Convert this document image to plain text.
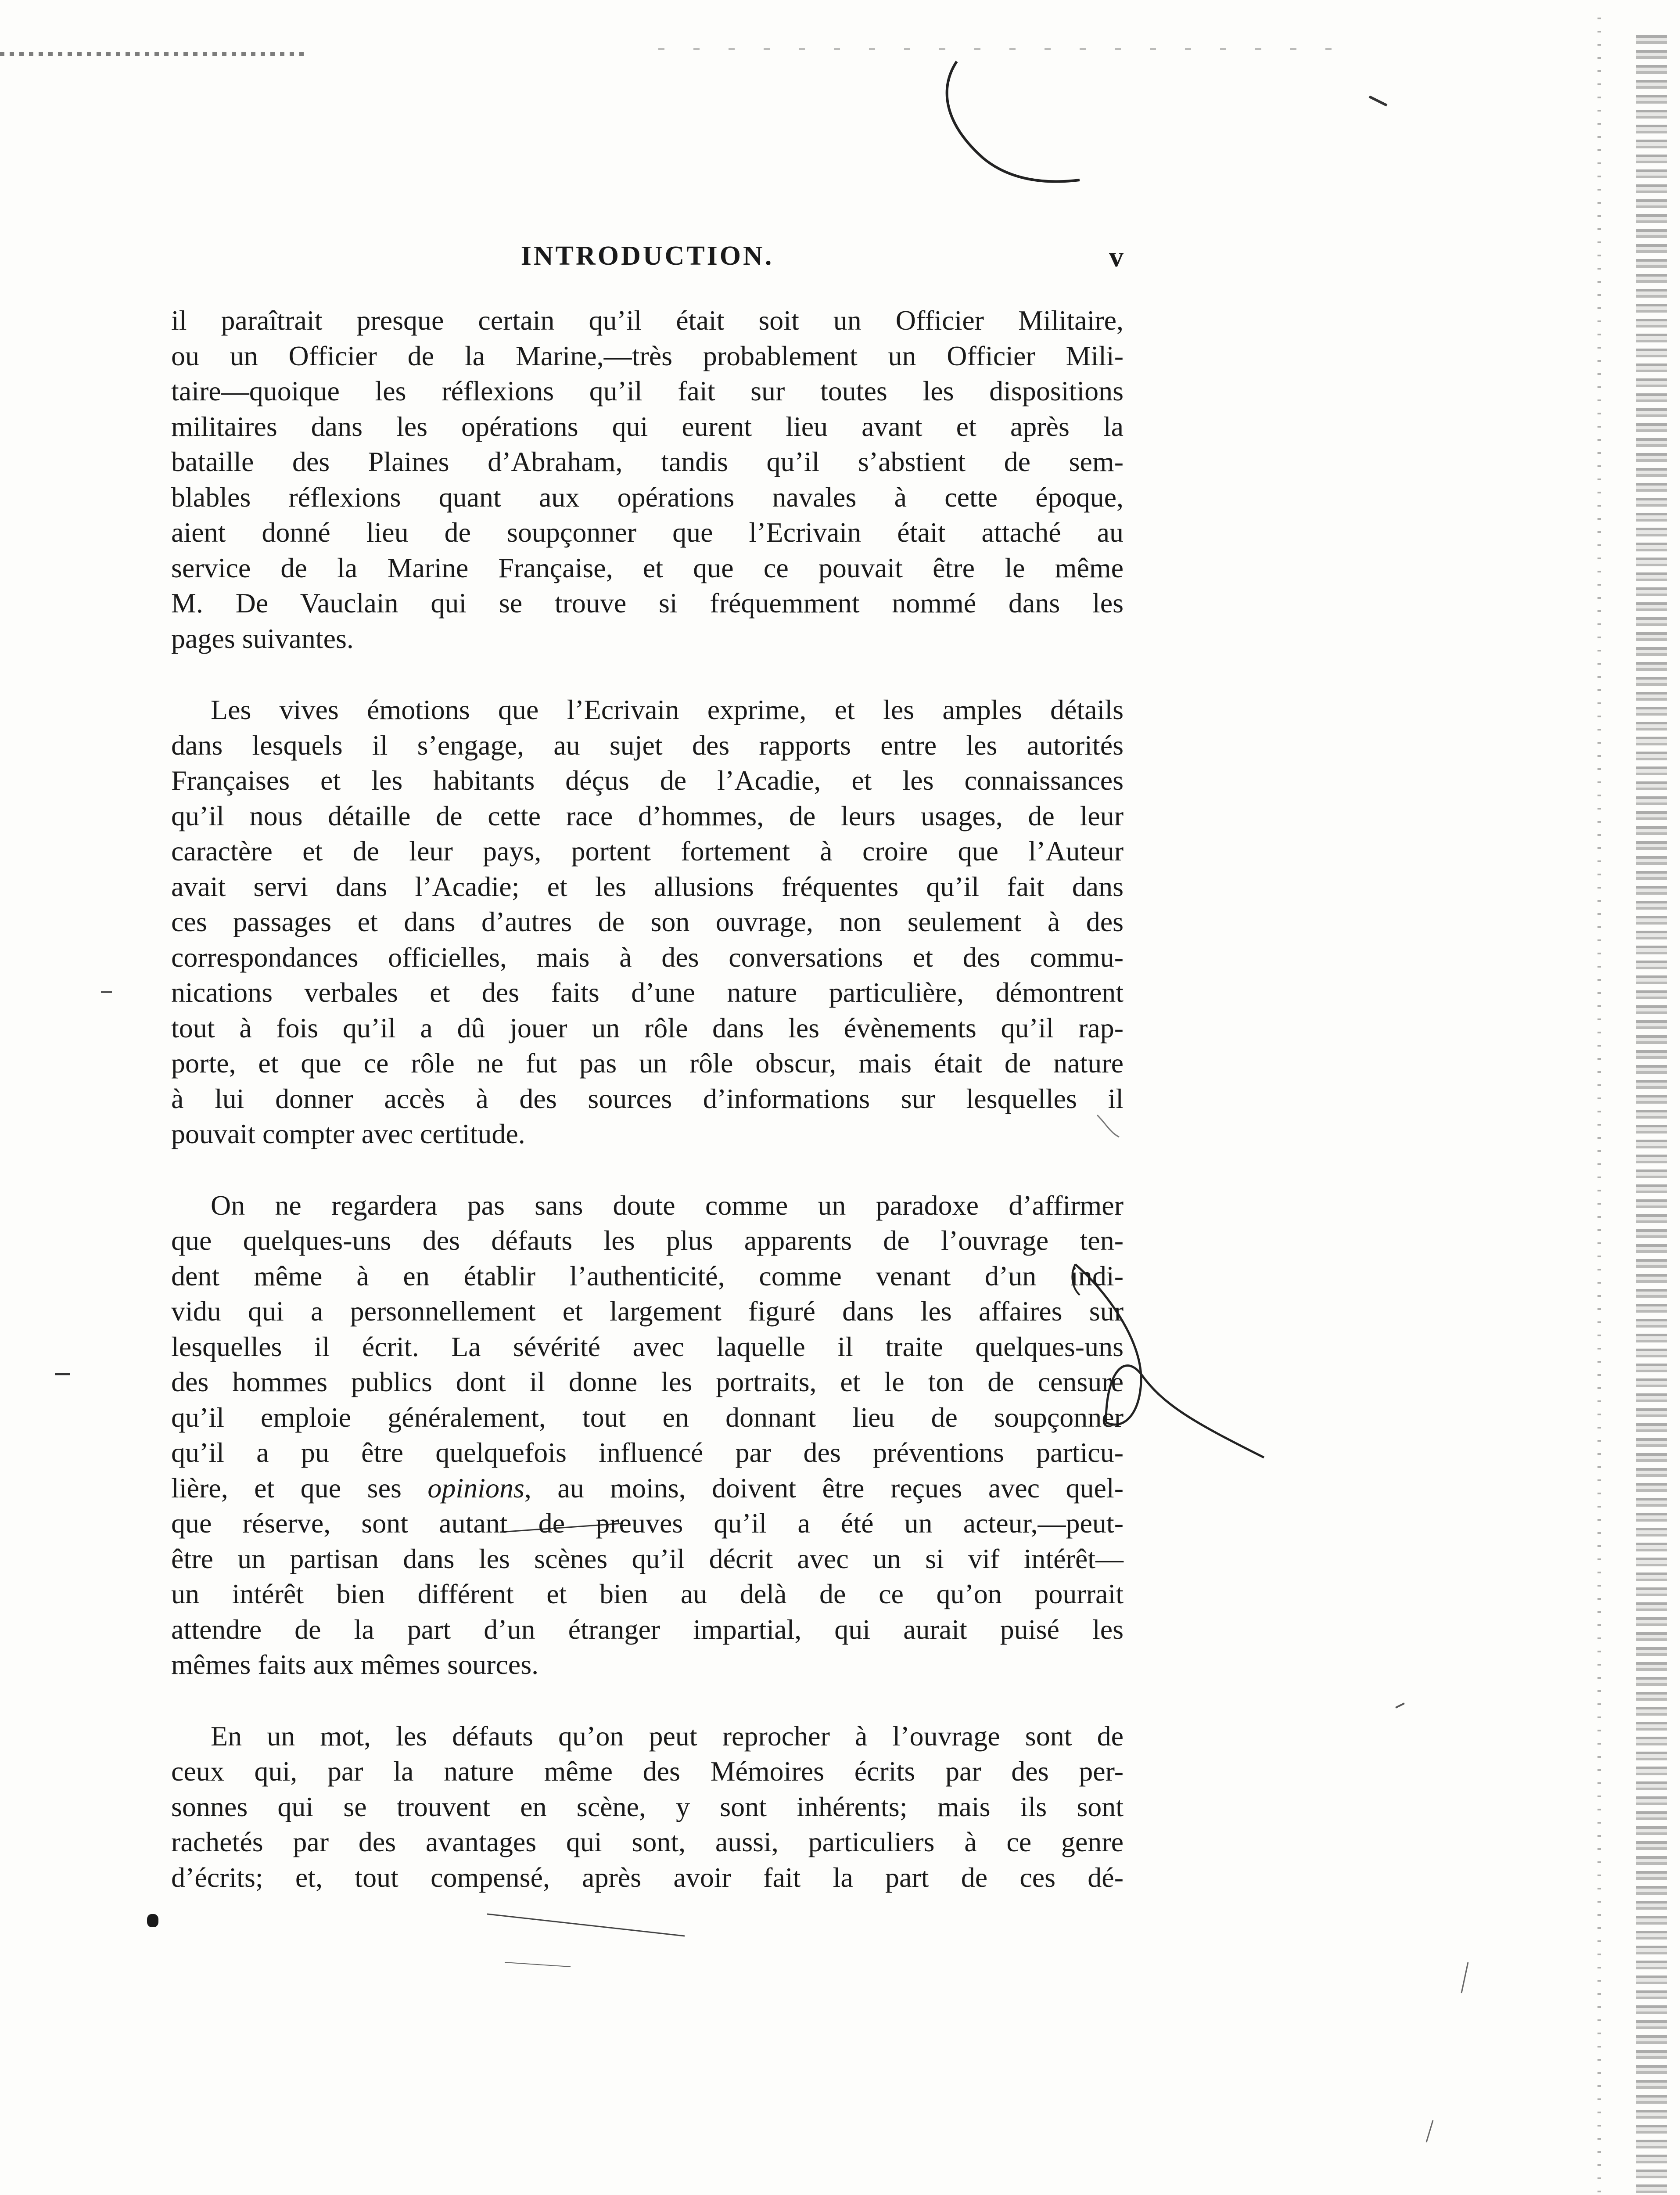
INTRODUCTION.	v

il paraîtrait presque certain qu’il était soit un Officier Militaire,
ou un Officier de la Marine,—très probablement un Officier Mili-
taire—quoique les réflexions qu’il fait sur toutes les dispositions
militaires dans les opérations qui eurent lieu avant et après la
bataille des Plaines d’Abraham, tandis qu’il s’abstient de sem-
blables réflexions quant aux opérations navales à cette époque,
aient donné lieu de soupçonner que l’Ecrivain était attaché au
service de la Marine Française, et que ce pouvait être le même
M. De Vauclain qui se trouve si fréquemment nommé dans les
pages suivantes.

Les vives émotions que l’Ecrivain exprime, et les amples détails
dans lesquels il s’engage, au sujet des rapports entre les autorités
Françaises et les habitants déçus de l’Acadie, et les connaissances
qu’il nous détaille de cette race d’hommes, de leurs usages, de leur
caractère et de leur pays, portent fortement à croire que l’Auteur
avait servi dans l’Acadie; et les allusions fréquentes qu’il fait dans
ces passages et dans d’autres de son ouvrage, non seulement à des
correspondances officielles, mais à des conversations et des commu-
nications verbales et des faits d’une nature particulière, démontrent
tout à fois qu’il a dû jouer un rôle dans les évènements qu’il rap-
porte, et que ce rôle ne fut pas un rôle obscur, mais était de nature
à lui donner accès à des sources d’informations sur lesquelles il
pouvait compter avec certitude.

On ne regardera pas sans doute comme un paradoxe d’affirmer
que quelques-uns des défauts les plus apparents de l’ouvrage ten-
dent même à en établir l’authenticité, comme venant d’un indi-
vidu qui a personnellement et largement figuré dans les affaires sur
lesquelles il écrit. La sévérité avec laquelle il traite quelques-uns
des hommes publics dont il donne les portraits, et le ton de censure
qu’il emploie généralement, tout en donnant lieu de soupçonner
qu’il a pu être quelquefois influencé par des préventions particu-
lière, et que ses opinions, au moins, doivent être reçues avec quel-
que réserve, sont autant de preuves qu’il a été un acteur,—peut-
être un partisan dans les scènes qu’il décrit avec un si vif intérêt—
un intérêt bien différent et bien au delà de ce qu’on pourrait
attendre de la part d’un étranger impartial, qui aurait puisé les
mêmes faits aux mêmes sources.

En un mot, les défauts qu’on peut reprocher à l’ouvrage sont de
ceux qui, par la nature même des Mémoires écrits par des per-
sonnes qui se trouvent en scène, y sont inhérents; mais ils sont
rachetés par des avantages qui sont, aussi, particuliers à ce genre
d’écrits; et, tout compensé, après avoir fait la part de ces dé-
